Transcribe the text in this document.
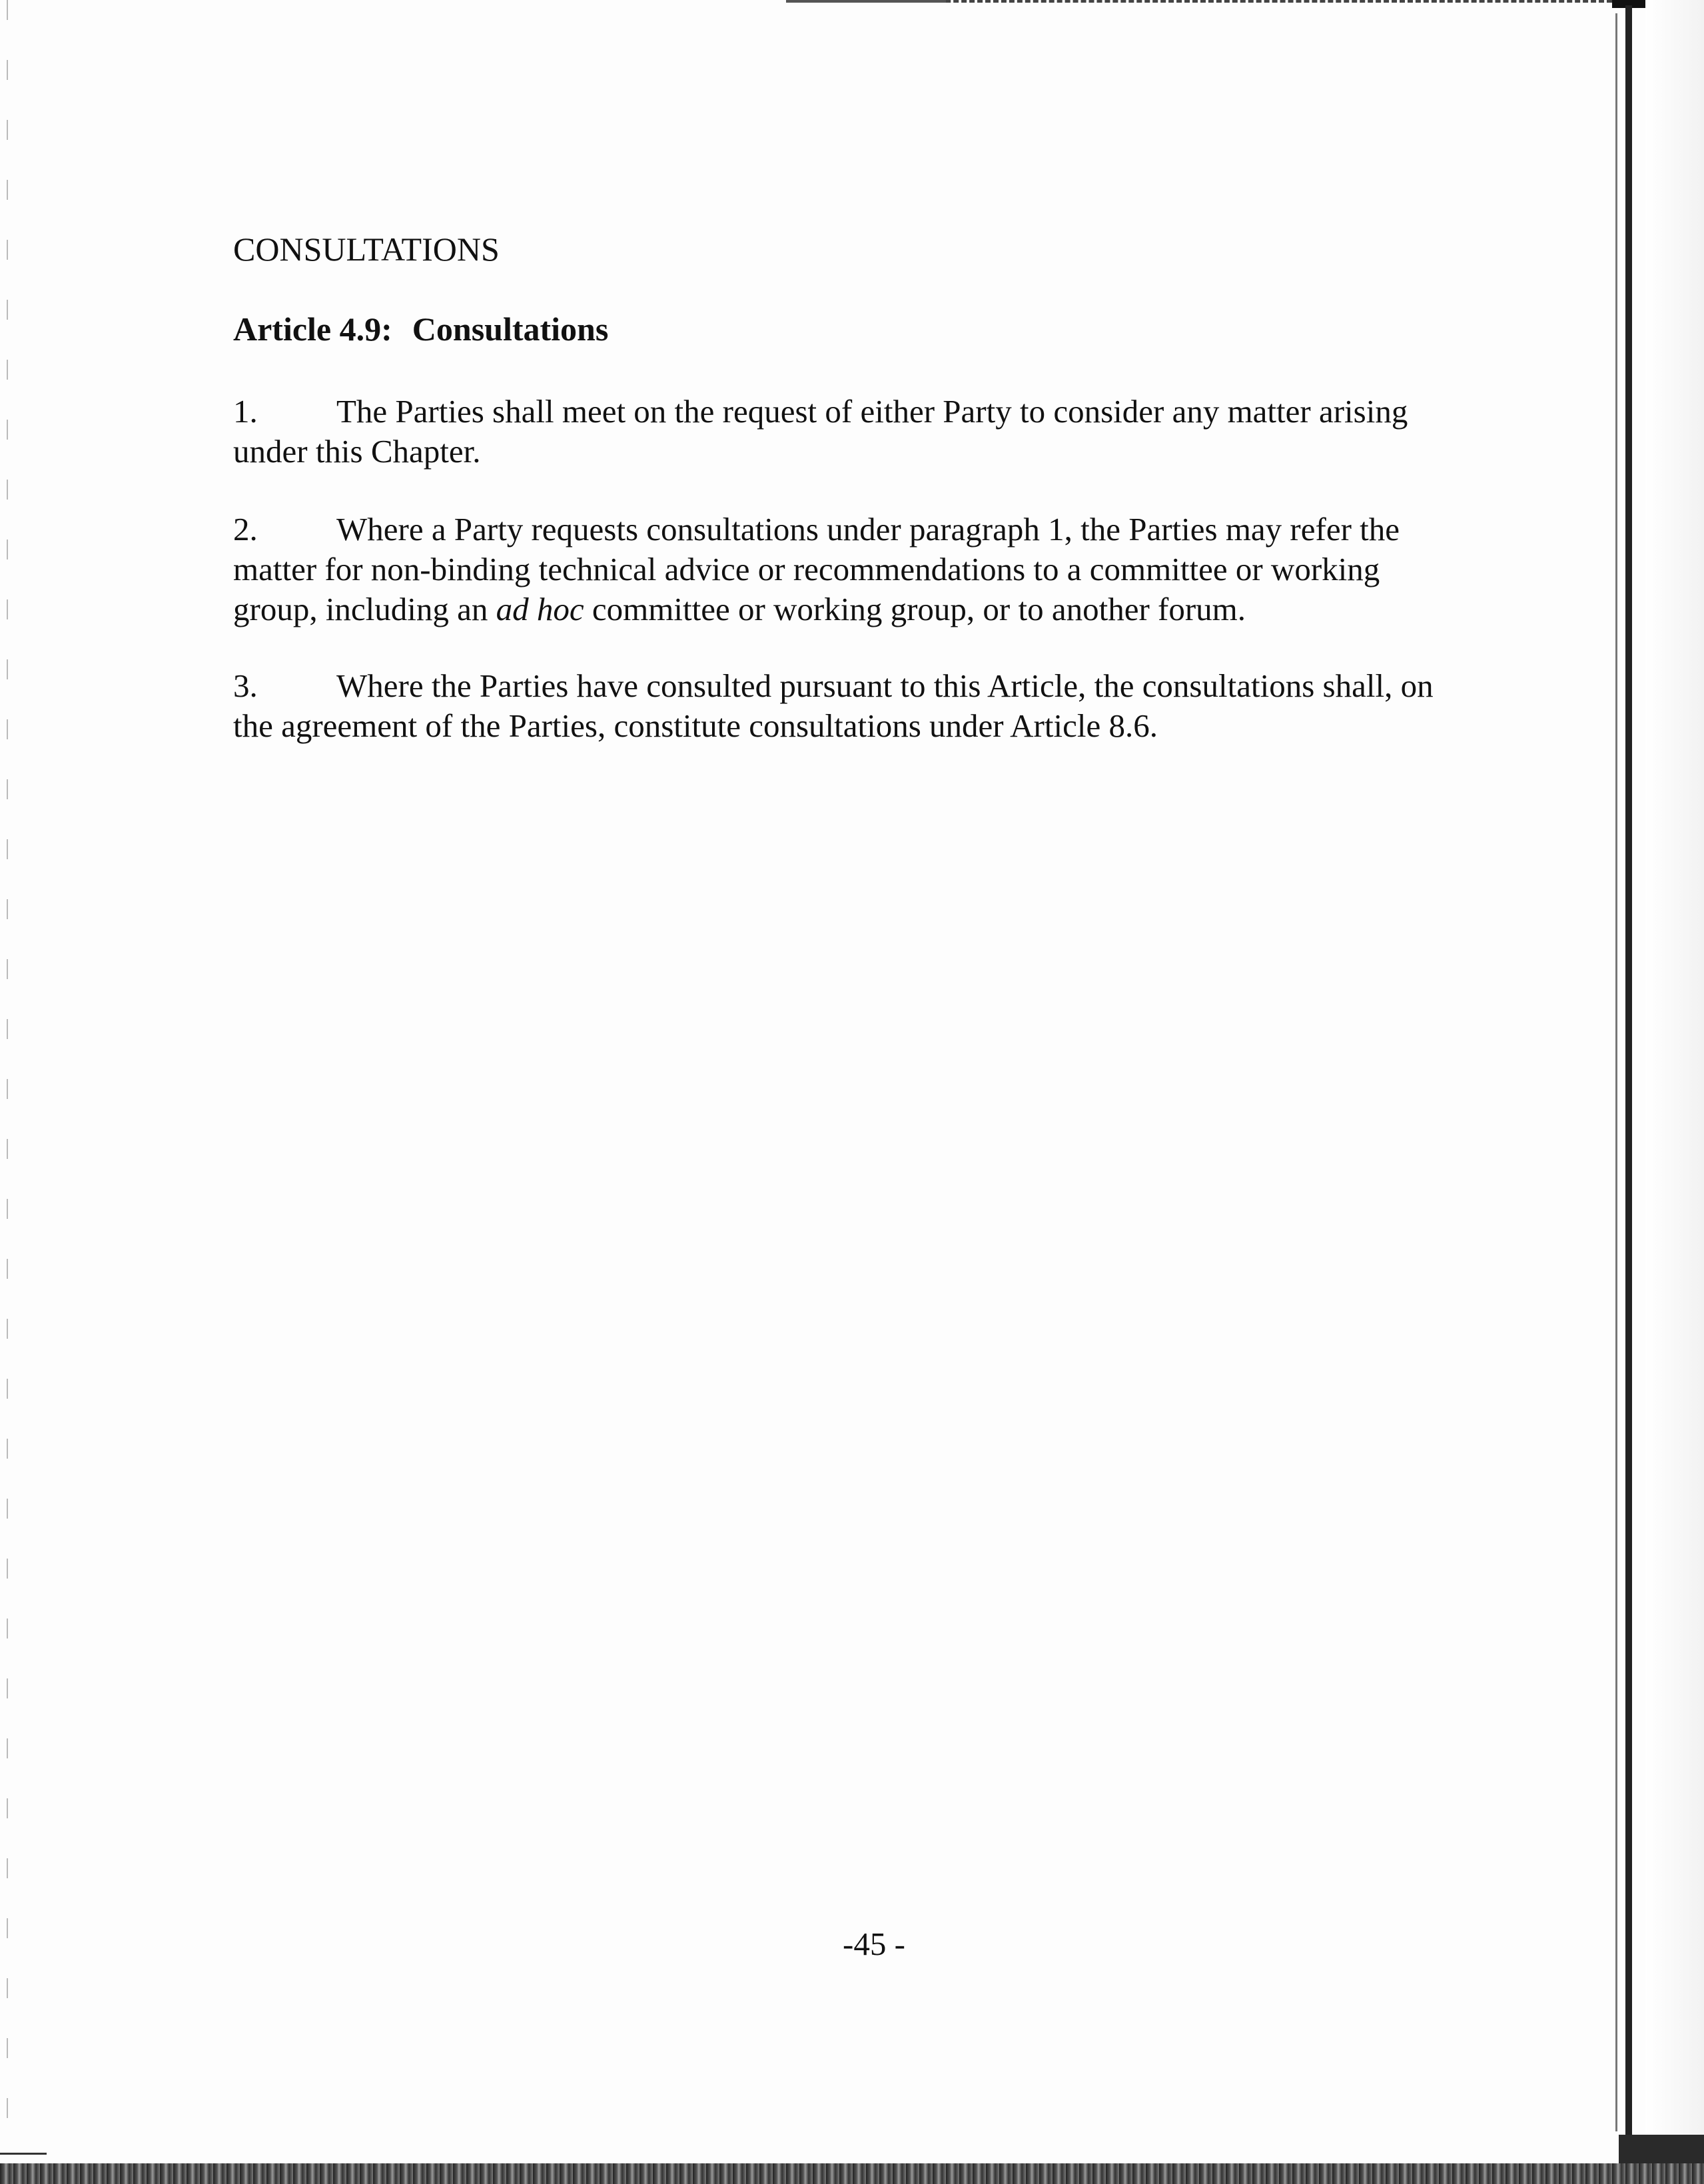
CONSULTATIONS
Article 4.9: Consultations
1. The Parties shall meet on the request of either Party to consider any matter arising
under this Chapter.
2. Where a Party requests consultations under paragraph 1, the Parties may refer the
matter for non-binding technical advice or recommendations to a committee or working
group, including an ad hoc committee or working group, or to another forum.
3. Where the Parties have consulted pursuant to this Article, the consultations shall, on
the agreement of the Parties, constitute consultations under Article 8.6.
-45 -
